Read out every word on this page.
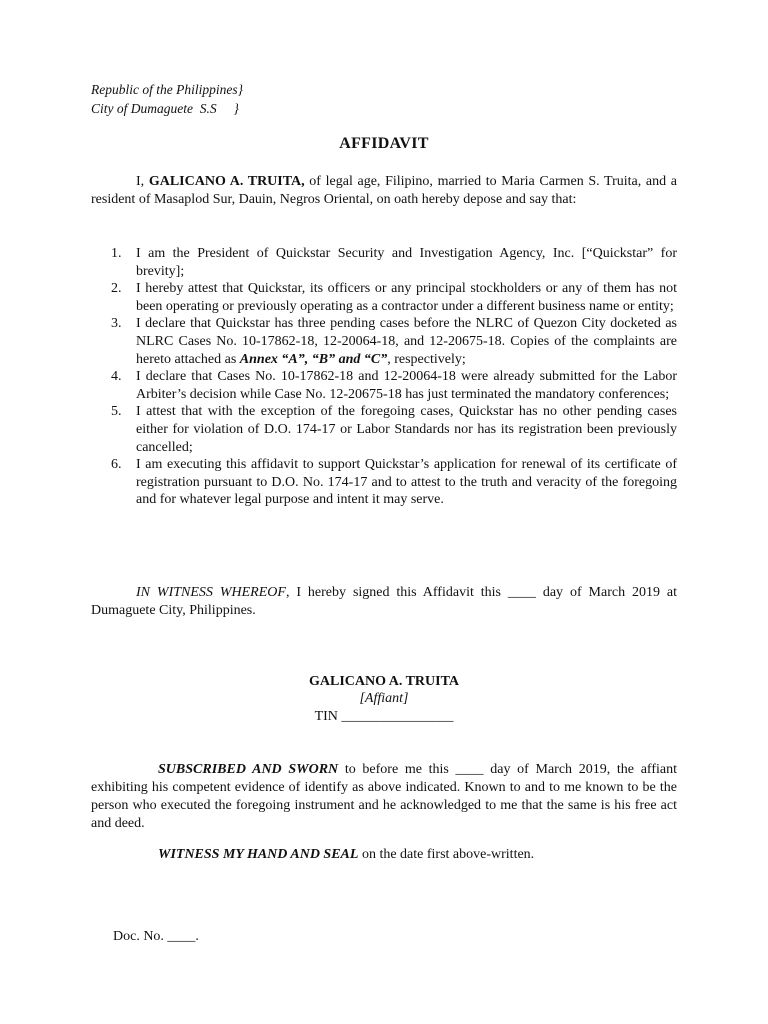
Republic of the Philippines}
City of Dumaguete  S.S     }
AFFIDAVIT
I, GALICANO A. TRUITA, of legal age, Filipino, married to Maria Carmen S. Truita, and a resident of Masaplod Sur, Dauin, Negros Oriental, on oath hereby depose and say that:
1. I am the President of Quickstar Security and Investigation Agency, Inc. [“Quickstar” for brevity];
2. I hereby attest that Quickstar, its officers or any principal stockholders or any of them has not been operating or previously operating as a contractor under a different business name or entity;
3. I declare that Quickstar has three pending cases before the NLRC of Quezon City docketed as NLRC Cases No. 10-17862-18, 12-20064-18, and 12-20675-18. Copies of the complaints are hereto attached as Annex “A”, “B” and “C”, respectively;
4. I declare that Cases No. 10-17862-18 and 12-20064-18 were already submitted for the Labor Arbiter’s decision while Case No. 12-20675-18 has just terminated the mandatory conferences;
5. I attest that with the exception of the foregoing cases, Quickstar has no other pending cases either for violation of D.O. 174-17 or Labor Standards nor has its registration been previously cancelled;
6. I am executing this affidavit to support Quickstar’s application for renewal of its certificate of registration pursuant to D.O. No. 174-17 and to attest to the truth and veracity of the foregoing and for whatever legal purpose and intent it may serve.
IN WITNESS WHEREOF, I hereby signed this Affidavit this ____ day of March 2019 at Dumaguete City, Philippines.
GALICANO A. TRUITA
[Affiant]
TIN ________________
SUBSCRIBED AND SWORN to before me this ____ day of March 2019, the affiant exhibiting his competent evidence of identify as above indicated. Known to and to me known to be the person who executed the foregoing instrument and he acknowledged to me that the same is his free act and deed.
WITNESS MY HAND AND SEAL on the date first above-written.
Doc. No. ____.
